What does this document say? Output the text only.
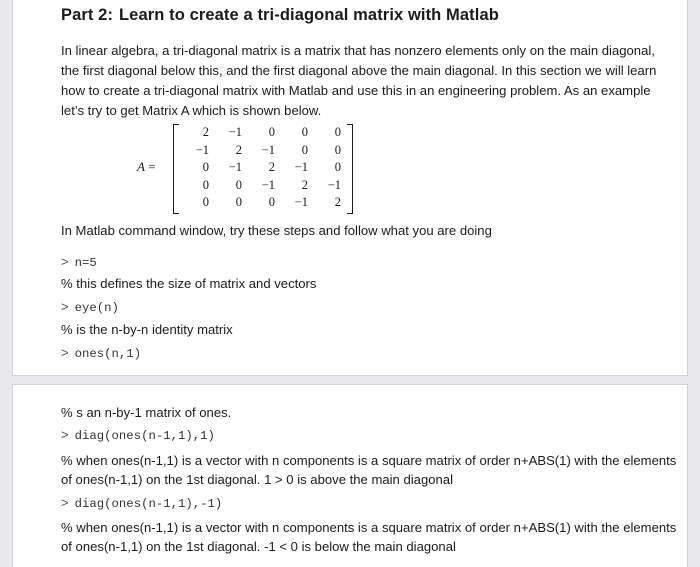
Part 2: Learn to create a tri-diagonal matrix with Matlab

In linear algebra, a tri-diagonal matrix is a matrix that has nonzero elements only on the main diagonal, the first diagonal below this, and the first diagonal above the main diagonal. In this section we will learn how to create a tri-diagonal matrix with Matlab and use this in an engineering problem. As an example let’s try to get Matrix A which is shown below.

A =
2	−1	0	0	0
−1	2	−1	0	0
0	−1	2	−1	0
0	0	−1	2	−1
0	0	0	−1	2
In Matlab command window, try these steps and follow what you are doing
> n=5
% this defines the size of matrix and vectors
> eye(n)
% is the n-by-n identity matrix
> ones(n,1)
% s an n-by-1 matrix of ones.
> diag(ones(n-1,1),1)

% when ones(n-1,1) is a vector with n components is a square matrix of order n+ABS(1) with the elements of ones(n-1,1) on the 1st diagonal. 1 > 0 is above the main diagonal

> diag(ones(n-1,1),-1)

% when ones(n-1,1) is a vector with n components is a square matrix of order n+ABS(1) with the elements of ones(n-1,1) on the 1st diagonal. -1 < 0 is below the main diagonal
